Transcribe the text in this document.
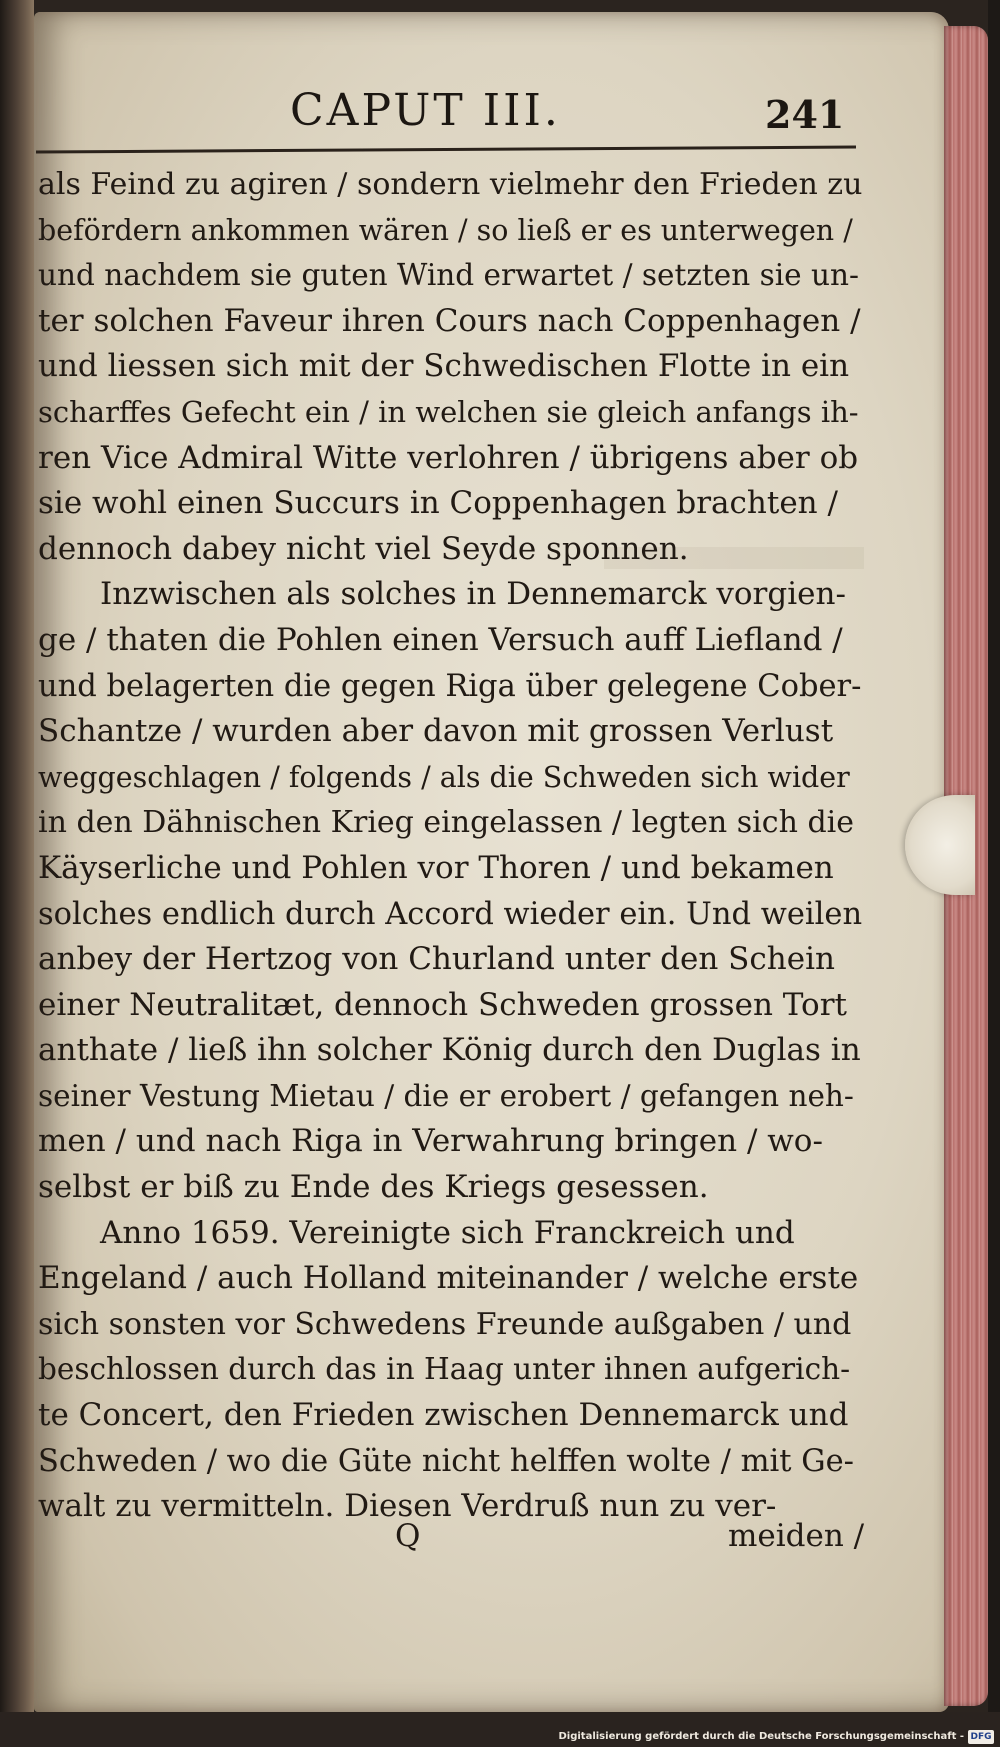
CAPUT III.	241
als Feind zu agiren / sondern vielmehr den Frieden zu
befördern ankommen wären / so ließ er es unterwegen /
und nachdem sie guten Wind erwartet / setzten sie un-
ter solchen Faveur ihren Cours nach Coppenhagen /
und liessen sich mit der Schwedischen Flotte in ein
scharffes Gefecht ein / in welchen sie gleich anfangs ih-
ren Vice Admiral Witte verlohren / übrigens aber ob
sie wohl einen Succurs in Coppenhagen brachten /
dennoch dabey nicht viel Seyde sponnen.
Inzwischen als solches in Dennemarck vorgien-
ge / thaten die Pohlen einen Versuch auff Liefland /
und belagerten die gegen Riga über gelegene Cober-
Schantze / wurden aber davon mit grossen Verlust
weggeschlagen / folgends / als die Schweden sich wider
in den Dähnischen Krieg eingelassen / legten sich die
Käyserliche und Pohlen vor Thoren / und bekamen
solches endlich durch Accord wieder ein. Und weilen
anbey der Hertzog von Churland unter den Schein
einer Neutralitæt, dennoch Schweden grossen Tort
anthate / ließ ihn solcher König durch den Duglas in
seiner Vestung Mietau / die er erobert / gefangen neh-
men / und nach Riga in Verwahrung bringen / wo-
selbst er biß zu Ende des Kriegs gesessen.
Anno 1659. Vereinigte sich Franckreich und
Engeland / auch Holland miteinander / welche erste
sich sonsten vor Schwedens Freunde außgaben / und
beschlossen durch das in Haag unter ihnen aufgerich-
te Concert, den Frieden zwischen Dennemarck und
Schweden / wo die Güte nicht helffen wolte / mit Ge-
walt zu vermitteln. Diesen Verdruß nun zu ver-
Q	meiden /
Digitalisierung gefördert durch die Deutsche Forschungsgemeinschaft - DFG
